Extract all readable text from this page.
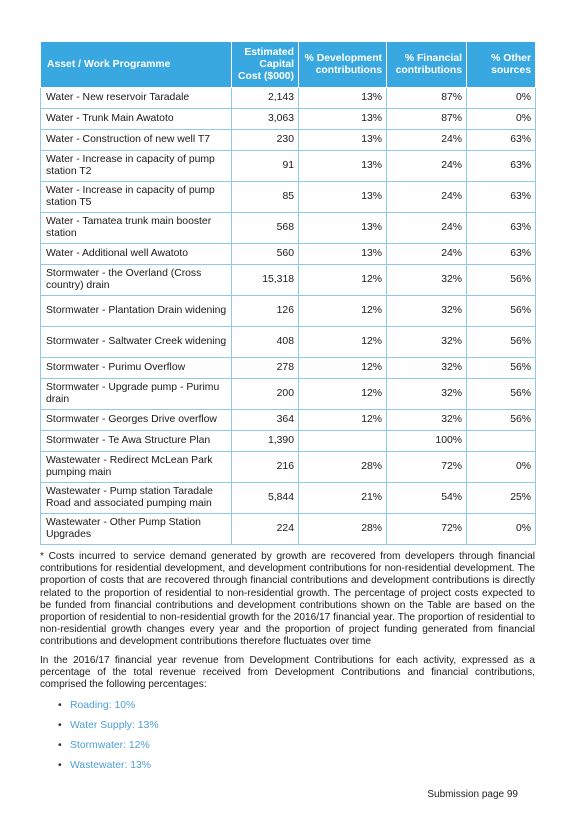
Asset / Work Programme	Estimated Capital Cost ($000)	% Development contributions	% Financial contributions	% Other sources
Water - New reservoir Taradale	2,143	13%	87%	0%
Water - Trunk Main Awatoto	3,063	13%	87%	0%
Water - Construction of new well T7	230	13%	24%	63%
Water - Increase in capacity of pump station T2	91	13%	24%	63%
Water - Increase in capacity of pump station T5	85	13%	24%	63%
Water - Tamatea trunk main booster station	568	13%	24%	63%
Water - Additional well Awatoto	560	13%	24%	63%
Stormwater - the Overland (Cross country) drain	15,318	12%	32%	56%
Stormwater - Plantation Drain widening	126	12%	32%	56%
Stormwater - Saltwater Creek widening	408	12%	32%	56%
Stormwater - Purimu Overflow	278	12%	32%	56%
Stormwater - Upgrade pump - Purimu drain	200	12%	32%	56%
Stormwater - Georges Drive overflow	364	12%	32%	56%
Stormwater - Te Awa Structure Plan	1,390		100%	
Wastewater - Redirect McLean Park pumping main	216	28%	72%	0%
Wastewater - Pump station Taradale Road and associated pumping main	5,844	21%	54%	25%
Wastewater - Other Pump Station Upgrades	224	28%	72%	0%

* Costs incurred to service demand generated by growth are recovered from developers through financial contributions for residential development, and development contributions for non-residential development. The proportion of costs that are recovered through financial contributions and development contributions is directly related to the proportion of residential to non-residential growth. The percentage of project costs expected to be funded from financial contributions and development contributions shown on the Table are based on the proportion of residential to non-residential growth for the 2016/17 financial year. The proportion of residential to non-residential growth changes every year and the proportion of project funding generated from financial contributions and development contributions therefore fluctuates over time

In the 2016/17 financial year revenue from Development Contributions for each activity, expressed as a percentage of the total revenue received from Development Contributions and financial contributions, comprised the following percentages:

• Roading: 10%
• Water Supply: 13%
• Stormwater: 12%
• Wastewater: 13%
Submission page 99
